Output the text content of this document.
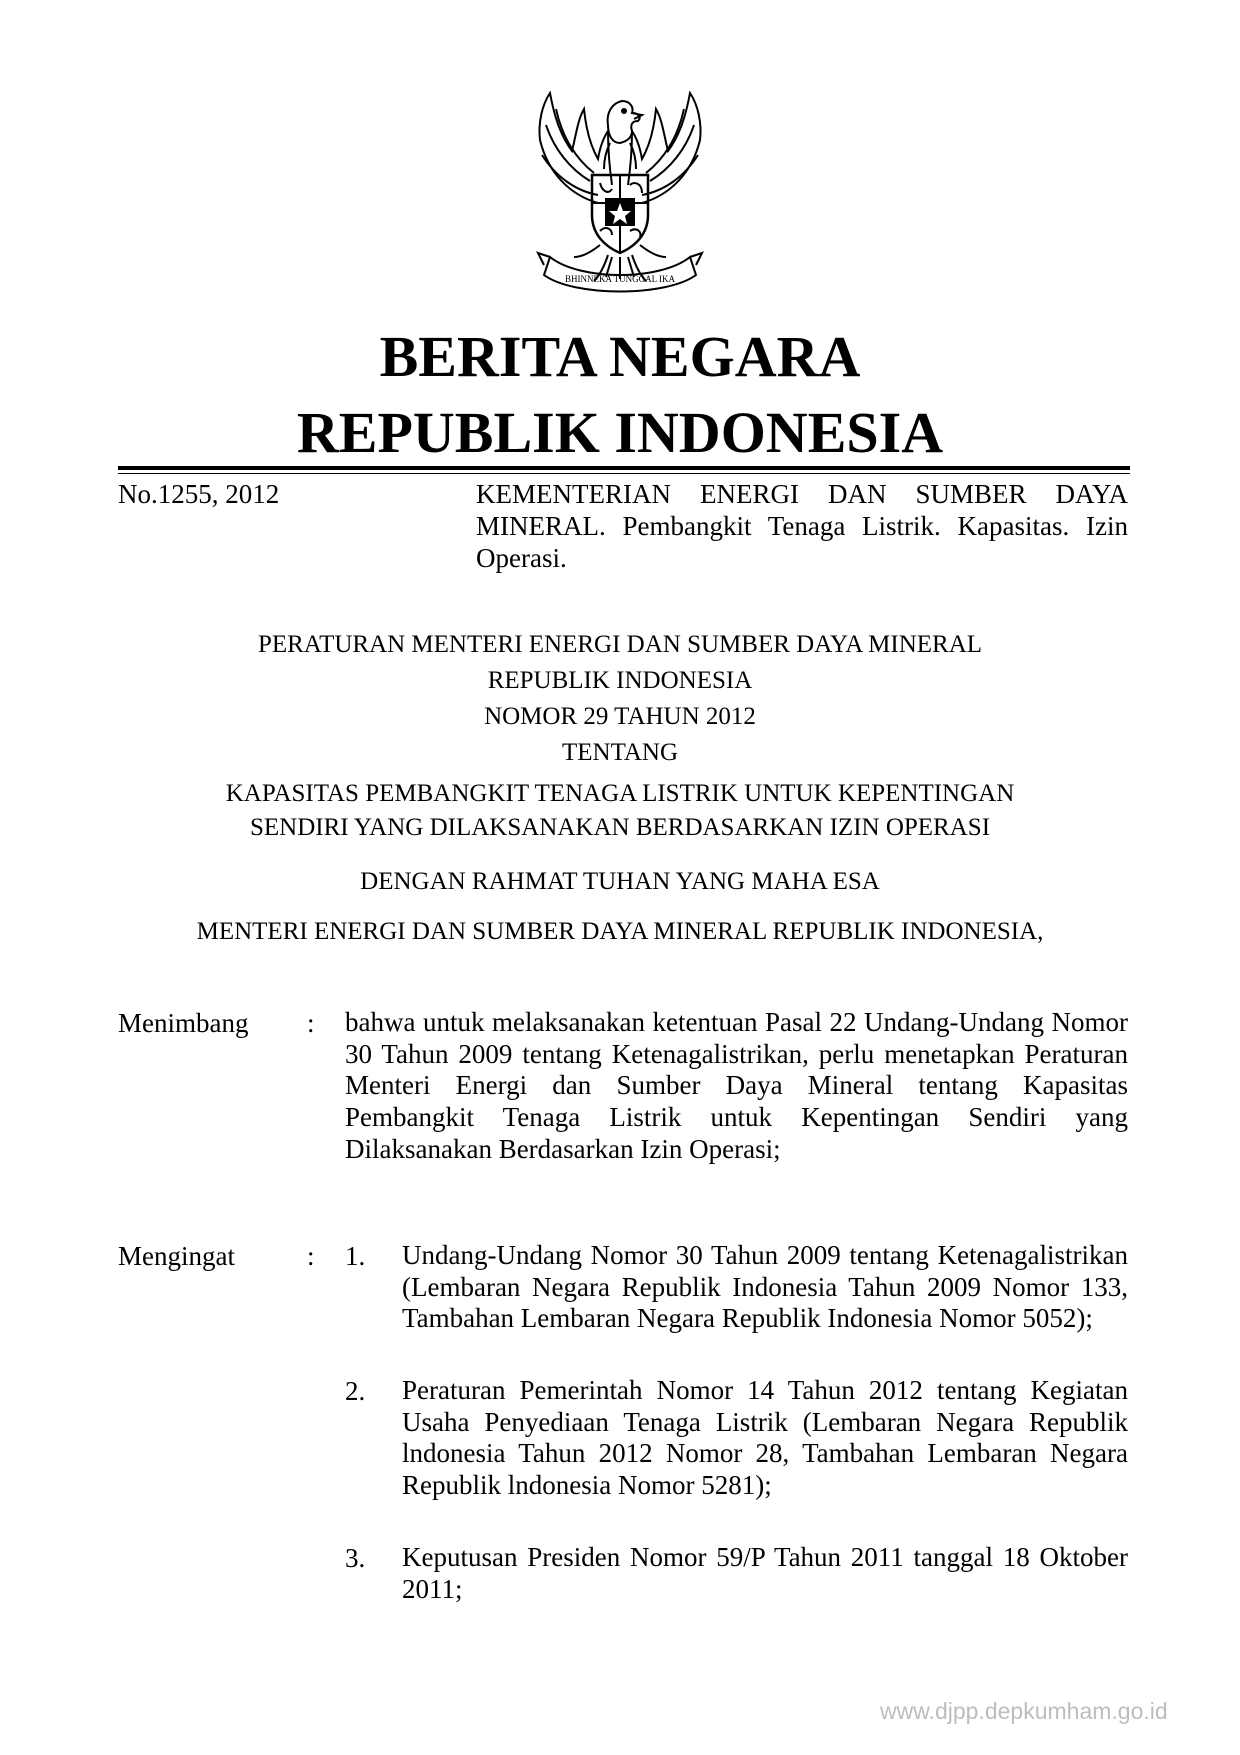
BHINNEKA TUNGGAL IKA
BERITA NEGARA
REPUBLIK INDONESIA
No.1255, 2012	KEMENTERIAN ENERGI DAN SUMBER DAYA MINERAL. Pembangkit Tenaga Listrik. Kapasitas. Izin Operasi.

PERATURAN MENTERI ENERGI DAN SUMBER DAYA MINERAL

REPUBLIK INDONESIA

NOMOR 29 TAHUN 2012

TENTANG

KAPASITAS PEMBANGKIT TENAGA LISTRIK UNTUK KEPENTINGAN
SENDIRI YANG DILAKSANAKAN BERDASARKAN IZIN OPERASI

DENGAN RAHMAT TUHAN YANG MAHA ESA

MENTERI ENERGI DAN SUMBER DAYA MINERAL REPUBLIK INDONESIA,

Menimbang : bahwa untuk melaksanakan ketentuan Pasal 22 Undang-Undang Nomor 30 Tahun 2009 tentang Ketenagalistrikan, perlu menetapkan Peraturan Menteri Energi dan Sumber Daya Mineral tentang Kapasitas Pembangkit Tenaga Listrik untuk Kepentingan Sendiri yang Dilaksanakan Berdasarkan Izin Operasi;
Mengingat	: 1. Undang-Undang Nomor 30 Tahun 2009 tentang Ketenagalistrikan (Lembaran Negara Republik Indonesia Tahun 2009 Nomor 133, Tambahan Lembaran Negara Republik Indonesia Nomor 5052);
2. Peraturan Pemerintah Nomor 14 Tahun 2012 tentang Kegiatan Usaha Penyediaan Tenaga Listrik (Lembaran Negara Republik lndonesia Tahun 2012 Nomor 28, Tambahan Lembaran Negara Republik lndonesia Nomor 5281);
3. Keputusan Presiden Nomor 59/P Tahun 2011 tanggal 18 Oktober 2011;
www.djpp.depkumham.go.id
